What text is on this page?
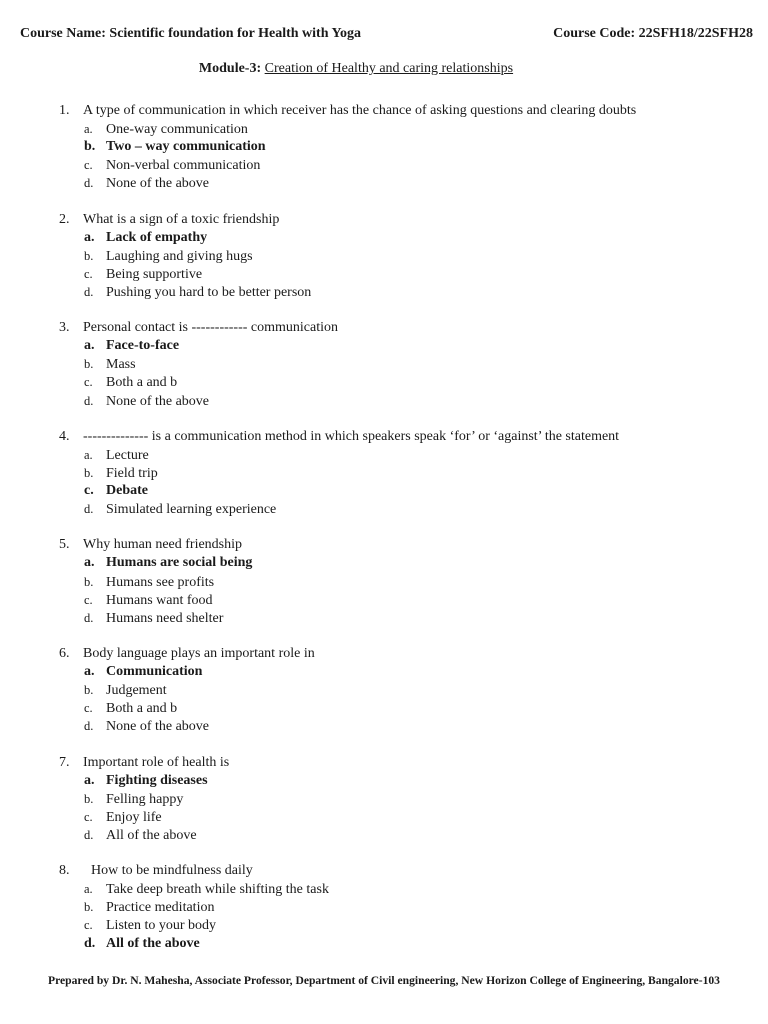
Course Name: Scientific foundation for Health with Yoga	Course Code: 22SFH18/22SFH28
Module-3: Creation of Healthy and caring relationships
1. A type of communication in which receiver has the chance of asking questions and clearing doubts
a. One-way communication
b. Two – way communication
c. Non-verbal communication
d. None of the above
2. What is a sign of a toxic friendship
a. Lack of empathy
b. Laughing and giving hugs
c. Being supportive
d. Pushing you hard to be better person
3. Personal contact is ------------ communication
a. Face-to-face
b. Mass
c. Both a and b
d. None of the above
4. -------------- is a communication method in which speakers speak ‘for’ or ‘against’ the statement
a. Lecture
b. Field trip
c. Debate
d. Simulated learning experience
5. Why human need friendship
a. Humans are social being
b. Humans see profits
c. Humans want food
d. Humans need shelter
6. Body language plays an important role in
a. Communication
b. Judgement
c. Both a and b
d. None of the above
7. Important role of health is
a. Fighting diseases
b. Felling happy
c. Enjoy life
d. All of the above
8. How to be mindfulness daily
a. Take deep breath while shifting the task
b. Practice meditation
c. Listen to your body
d. All of the above
Prepared by Dr. N. Mahesha, Associate Professor, Department of Civil engineering, New Horizon College of Engineering, Bangalore-103
